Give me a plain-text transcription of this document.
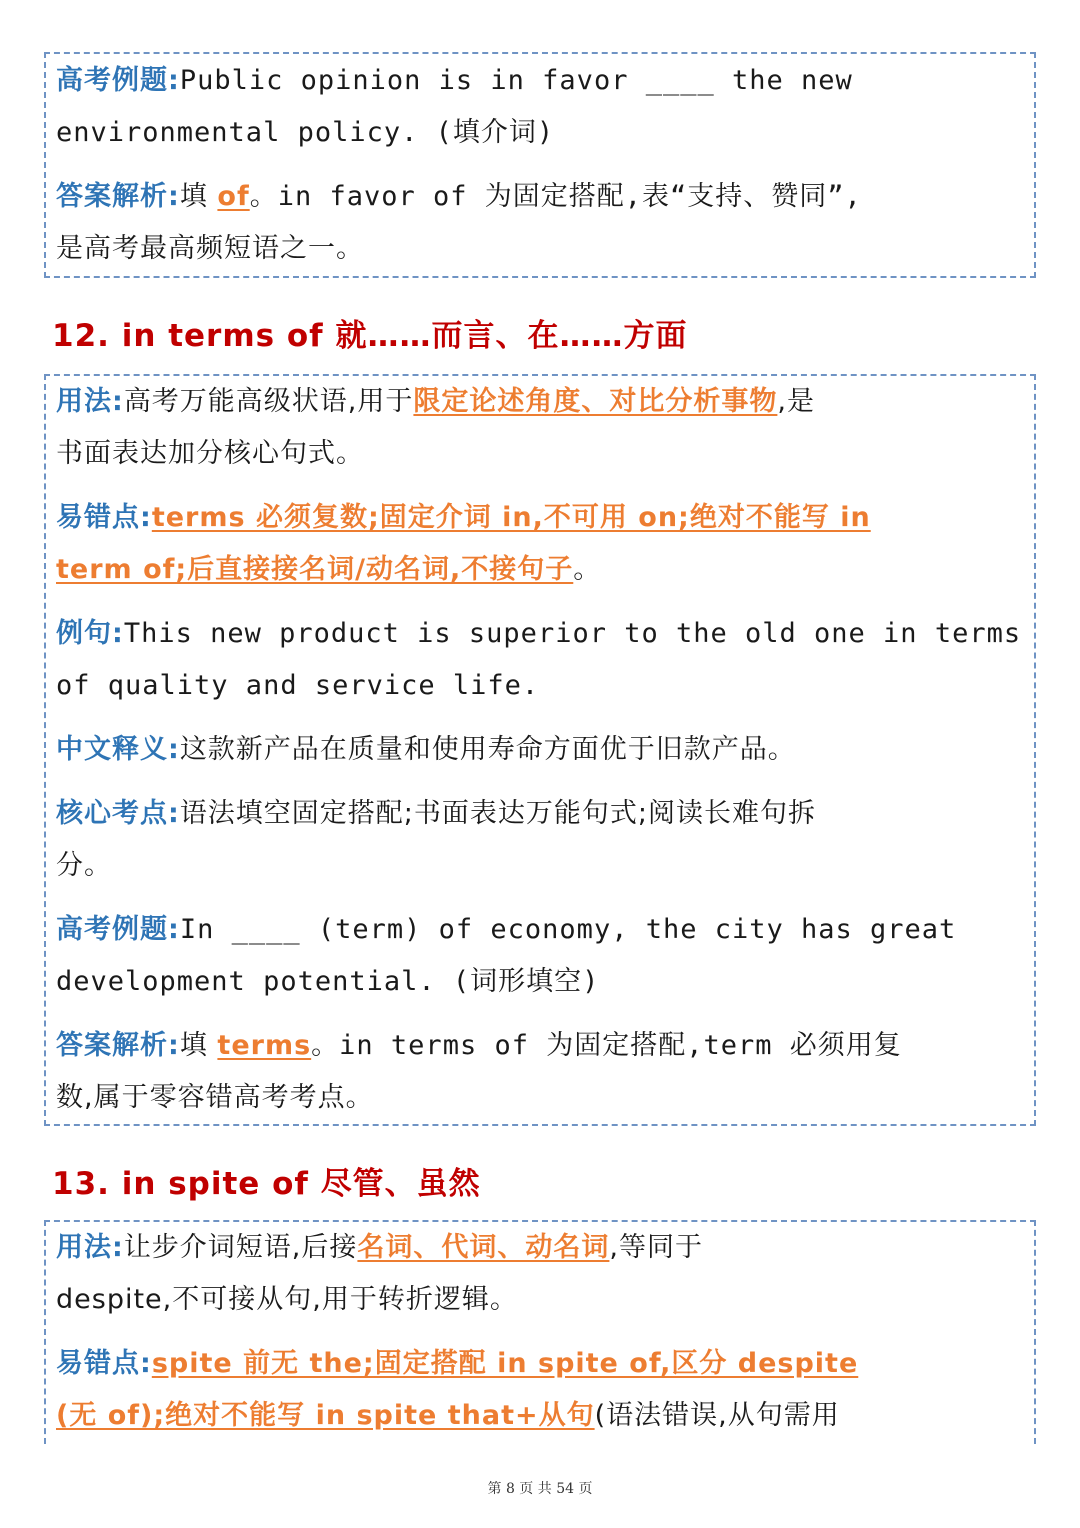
高考例题:Public opinion is in favor ____ the new
environmental policy. (填介词)
答案解析:填 of。in favor of 为固定搭配,表“支持、赞同”,
是高考最高频短语之一。
12. in terms of 就……而言、在……方面
用法:高考万能高级状语,用于限定论述角度、对比分析事物,是
书面表达加分核心句式。
易错点:terms 必须复数;固定介词 in,不可用 on;绝对不能写 in
term of;后直接接名词/动名词,不接句子。
例句:This new product is superior to the old one in terms
of quality and service life.
中文释义:这款新产品在质量和使用寿命方面优于旧款产品。
核心考点:语法填空固定搭配;书面表达万能句式;阅读长难句拆
分。
高考例题:In ____ (term) of economy, the city has great
development potential. (词形填空)
答案解析:填 terms。in terms of 为固定搭配,term 必须用复
数,属于零容错高考考点。
13. in spite of 尽管、虽然
用法:让步介词短语,后接名词、代词、动名词,等同于
despite,不可接从句,用于转折逻辑。
易错点:spite 前无 the;固定搭配 in spite of,区分 despite
(无 of);绝对不能写 in spite that+从句(语法错误,从句需用
第 8 页 共 54 页
